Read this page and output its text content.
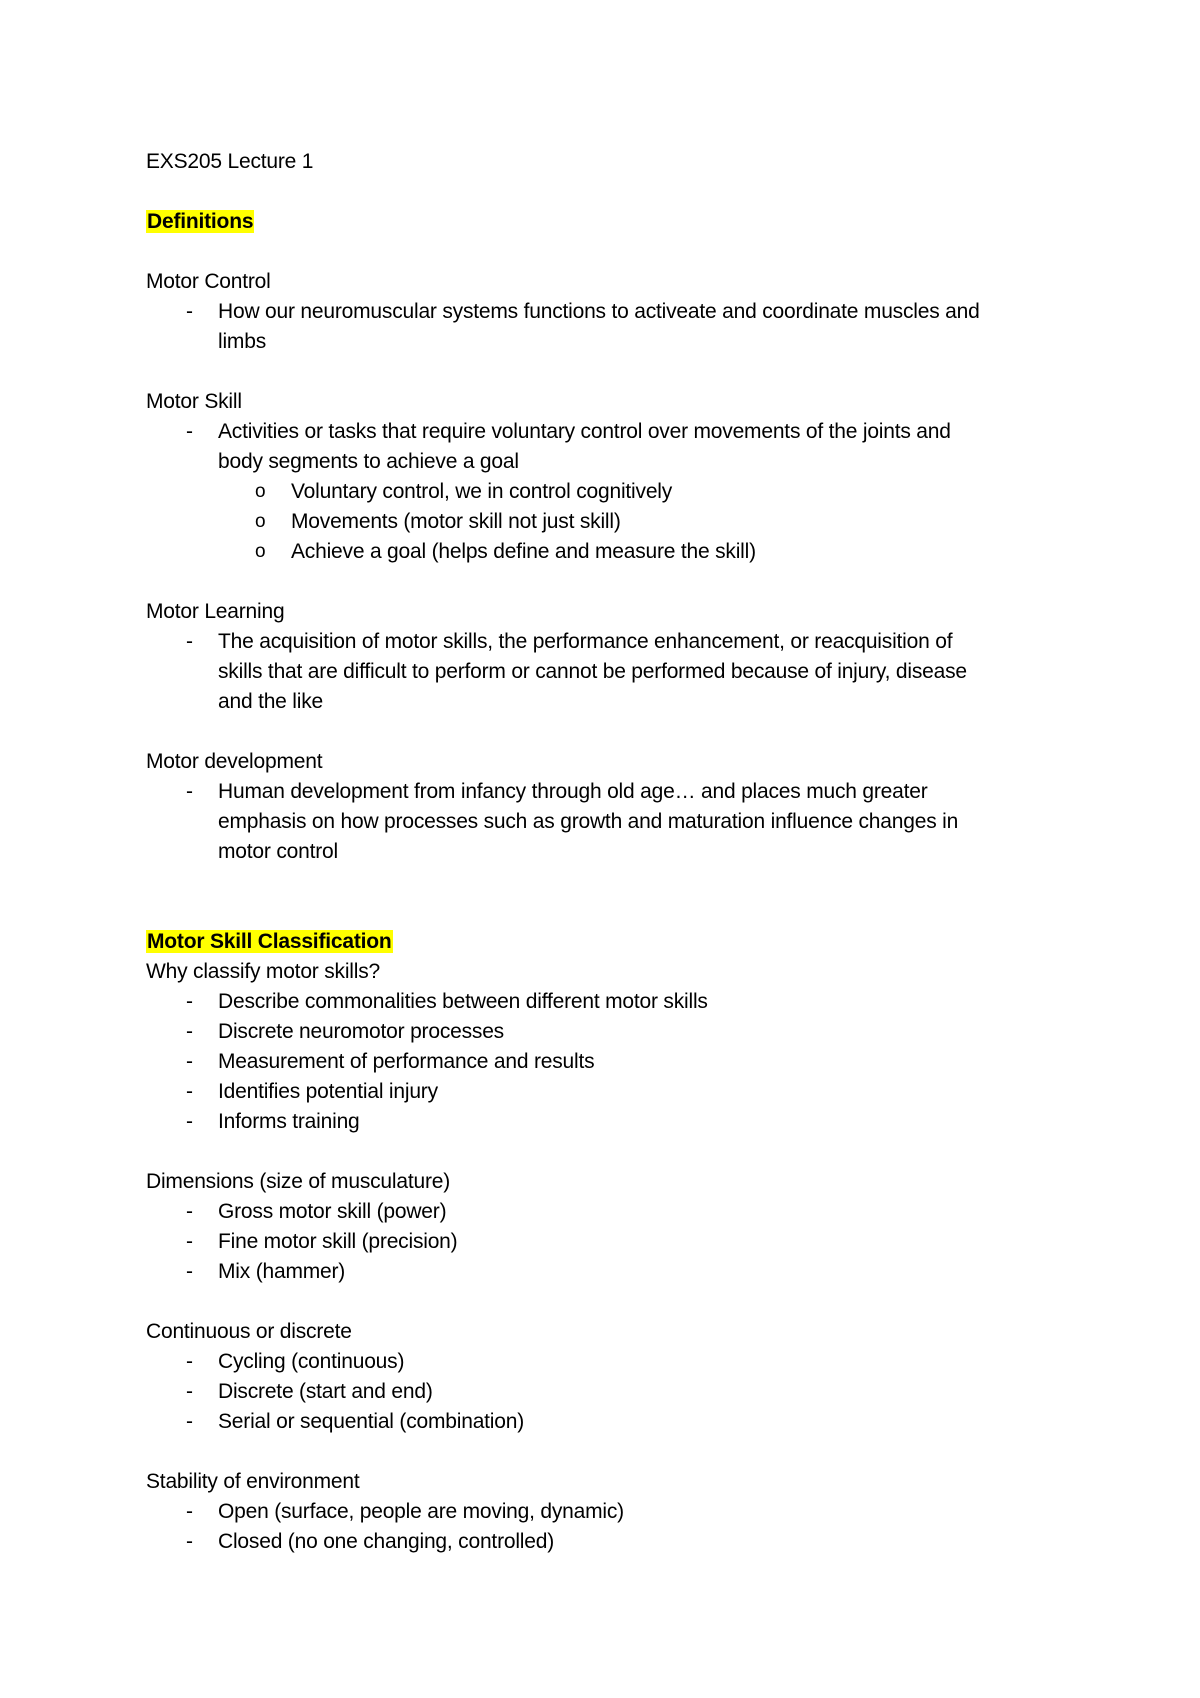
EXS205 Lecture 1
Definitions
Motor Control
- How our neuromuscular systems functions to activeate and coordinate muscles and
limbs
Motor Skill
- Activities or tasks that require voluntary control over movements of the joints and
body segments to achieve a goal
o Voluntary control, we in control cognitively
o Movements (motor skill not just skill)
o Achieve a goal (helps define and measure the skill)
Motor Learning
- The acquisition of motor skills, the performance enhancement, or reacquisition of
skills that are difficult to perform or cannot be performed because of injury, disease
and the like
Motor development
- Human development from infancy through old age… and places much greater
emphasis on how processes such as growth and maturation influence changes in
motor control
Motor Skill Classification
Why classify motor skills?
- Describe commonalities between different motor skills
- Discrete neuromotor processes
- Measurement of performance and results
- Identifies potential injury
- Informs training
Dimensions (size of musculature)
- Gross motor skill (power)
- Fine motor skill (precision)
- Mix (hammer)
Continuous or discrete
- Cycling (continuous)
- Discrete (start and end)
- Serial or sequential (combination)
Stability of environment
- Open (surface, people are moving, dynamic)
- Closed (no one changing, controlled)
